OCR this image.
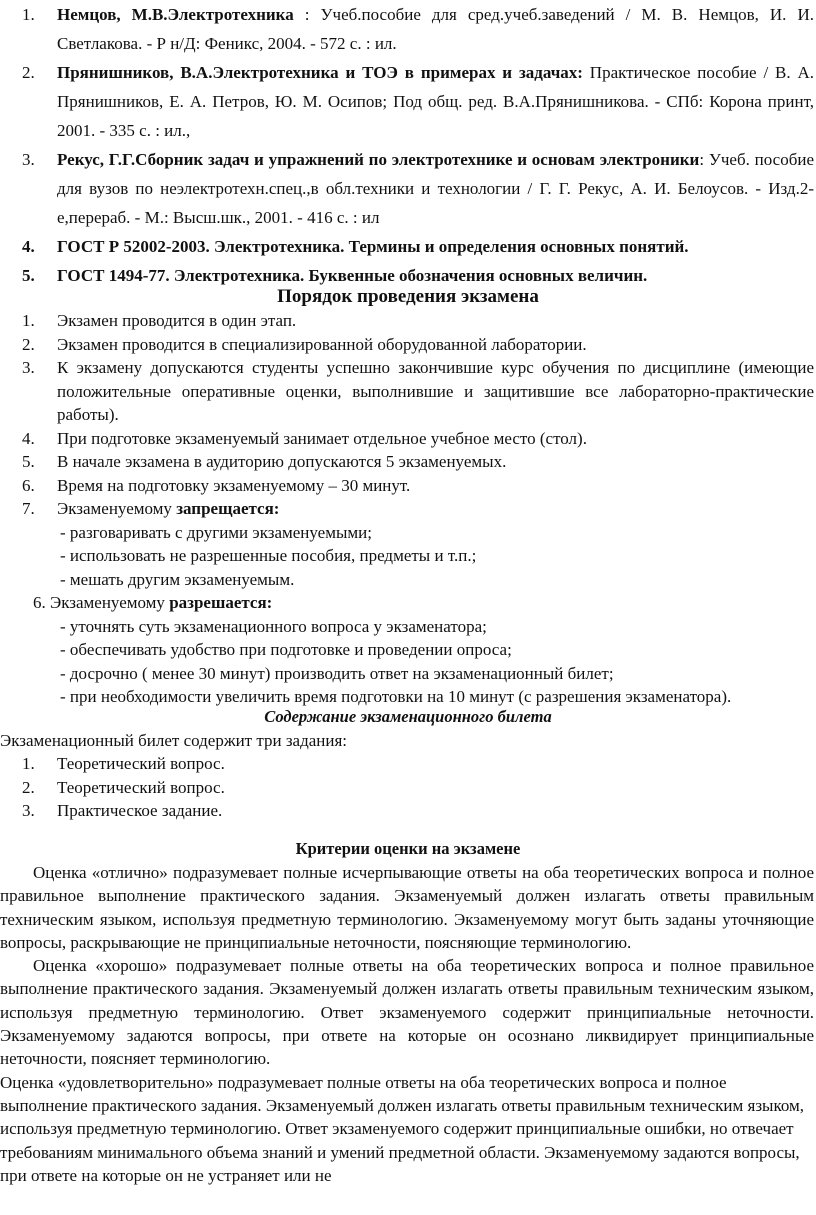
1. Немцов, М.В.Электротехника : Учеб.пособие для сред.учеб.заведений / М. В. Немцов, И. И. Светлакова. - Р н/Д: Феникс, 2004. - 572 с. : ил.
2. Прянишников, В.А.Электротехника и ТОЭ в примерах и задачах: Практическое пособие / В. А. Прянишников, Е. А. Петров, Ю. М. Осипов; Под общ. ред. В.А.Прянишникова. - СПб: Корона принт, 2001. - 335 с. : ил.,
3. Рекус, Г.Г.Сборник задач и упражнений по электротехнике и основам электроники: Учеб. пособие для вузов по неэлектротехн.спец.,в обл.техники и технологии / Г. Г. Рекус, А. И. Белоусов. - Изд.2-е,перераб. - М.: Высш.шк., 2001. - 416 с. : ил
4. ГОСТ Р 52002-2003. Электротехника. Термины и определения основных понятий.
5. ГОСТ 1494-77. Электротехника. Буквенные обозначения основных величин.
Порядок проведения экзамена
1. Экзамен проводится в один этап.
2. Экзамен проводится в специализированной оборудованной лаборатории.
3. К экзамену допускаются студенты успешно закончившие курс обучения по дисциплине (имеющие положительные оперативные оценки, выполнившие и защитившие все лабораторно-практические работы).
4. При подготовке экзаменуемый занимает отдельное учебное место (стол).
5. В начале экзамена в аудиторию допускаются 5 экзаменуемых.
6. Время на подготовку экзаменуемому – 30 минут.
7. Экзаменуемому запрещается:
- разговаривать с другими экзаменуемыми;
- использовать не разрешенные пособия, предметы и т.п.;
- мешать другим экзаменуемым.
6. Экзаменуемому разрешается:
- уточнять суть экзаменационного вопроса у экзаменатора;
- обеспечивать удобство при подготовке и проведении опроса;
- досрочно ( менее 30 минут) производить ответ на экзаменационный билет;
- при необходимости увеличить время подготовки на 10 минут (с разрешения экзаменатора).
Содержание экзаменационного билета
Экзаменационный билет содержит три задания:
1. Теоретический вопрос.
2. Теоретический вопрос.
3. Практическое задание.
Критерии оценки на экзамене

Оценка «отлично» подразумевает полные исчерпывающие ответы на оба теоретических вопроса и полное правильное выполнение практического задания. Экзаменуемый должен излагать ответы правильным техническим языком, используя предметную терминологию. Экзаменуемому могут быть заданы уточняющие вопросы, раскрывающие не принципиальные неточности, поясняющие терминологию.

Оценка «хорошо» подразумевает полные ответы на оба теоретических вопроса и полное правильное выполнение практического задания. Экзаменуемый должен излагать ответы правильным техническим языком, используя предметную терминологию. Ответ экзаменуемого содержит принципиальные неточности. Экзаменуемому задаются вопросы, при ответе на которые он осознано ликвидирует принципиальные неточности, поясняет терминологию.

Оценка «удовлетворительно» подразумевает полные ответы на оба теоретических вопроса и полное выполнение практического задания. Экзаменуемый должен излагать ответы правильным техническим языком, используя предметную терминологию. Ответ экзаменуемого содержит принципиальные ошибки, но отвечает требованиям минимального объема знаний и умений предметной области. Экзаменуемому задаются вопросы, при ответе на которые он не устраняет или не
